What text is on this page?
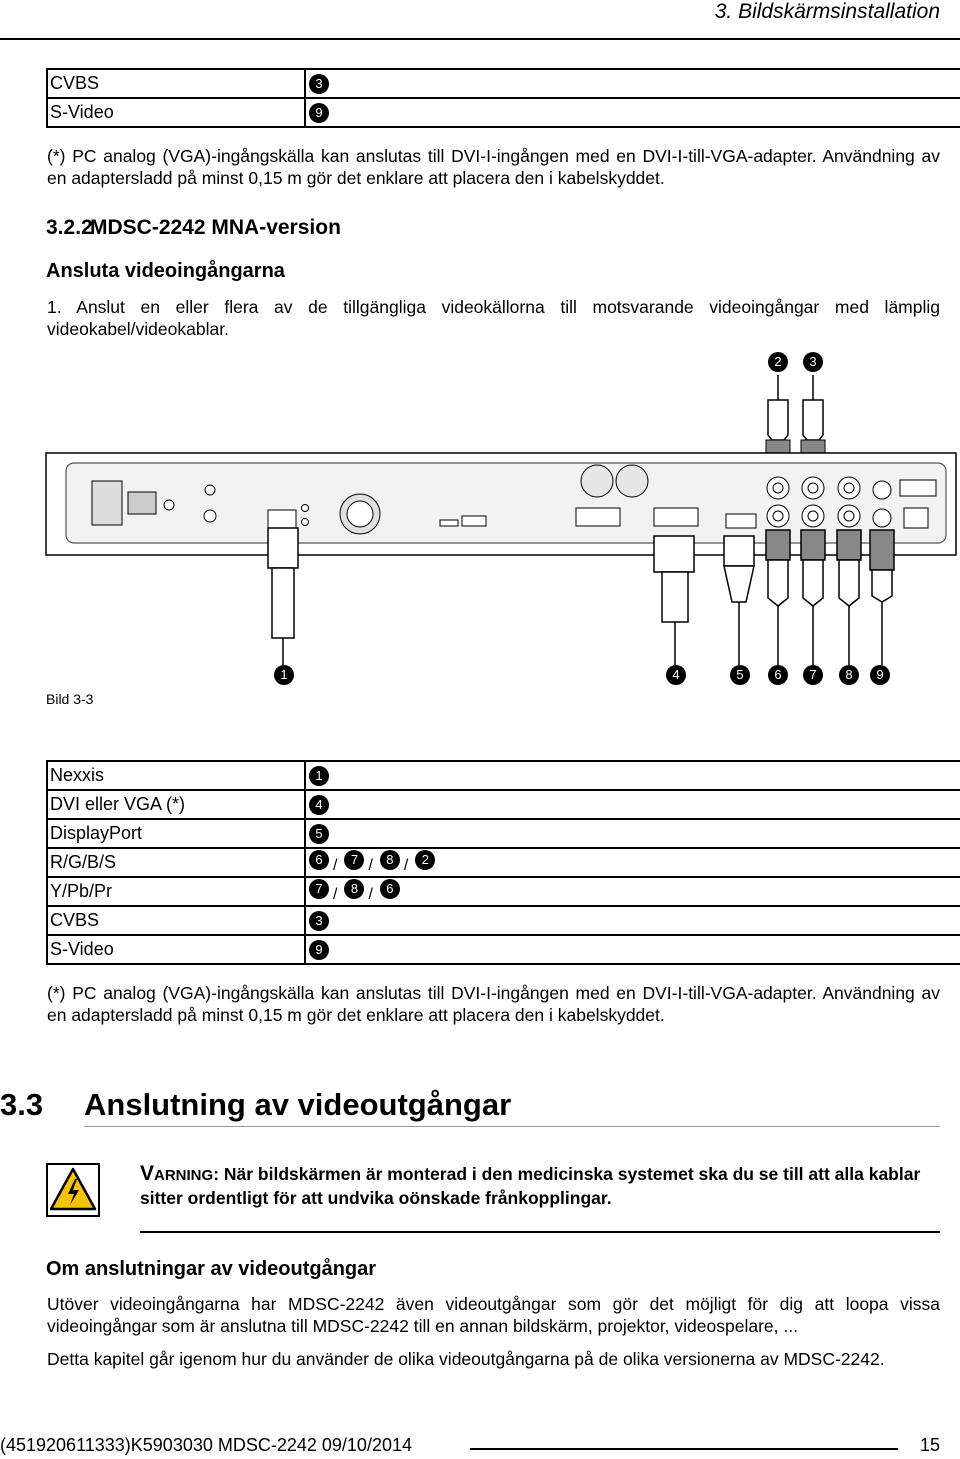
3. Bildskärmsinstallation
CVBS	3
S-Video	9
(*) PC analog (VGA)-ingångskälla kan anslutas till DVI-I-ingången med en DVI-I-till-VGA-adapter. Användning av en adaptersladd på minst 0,15 m gör det enklare att placera den i kabelskyddet.
3.2.2
MDSC-2242 MNA-version
Ansluta videoingångarna
1. Anslut en eller flera av de tillgängliga videokällorna till motsvarande videoingångar med lämplig videokabel/videokablar.
2	3
1	4	5	6	7	8	9
Bild 3-3
Nexxis	1
DVI eller VGA (*)	4
DisplayPort	5
R/G/B/S	6 / 7 / 8 / 2
Y/Pb/Pr	7 / 8 / 6
CVBS	3
S-Video	9
(*) PC analog (VGA)-ingångskälla kan anslutas till DVI-I-ingången med en DVI-I-till-VGA-adapter. Användning av en adaptersladd på minst 0,15 m gör det enklare att placera den i kabelskyddet.
3.3 Anslutning av videoutgångar
VARNING: När bildskärmen är monterad i den medicinska systemet ska du se till att alla kablar sitter ordentligt för att undvika oönskade frånkopplingar.
Om anslutningar av videoutgångar
Utöver videoingångarna har MDSC-2242 även videoutgångar som gör det möjligt för dig att loopa vissa videoingångar som är anslutna till MDSC-2242 till en annan bildskärm, projektor, videospelare, ...
Detta kapitel går igenom hur du använder de olika videoutgångarna på de olika versionerna av MDSC-2242.
(451920611333)K5903030 MDSC-2242 09/10/2014	15
